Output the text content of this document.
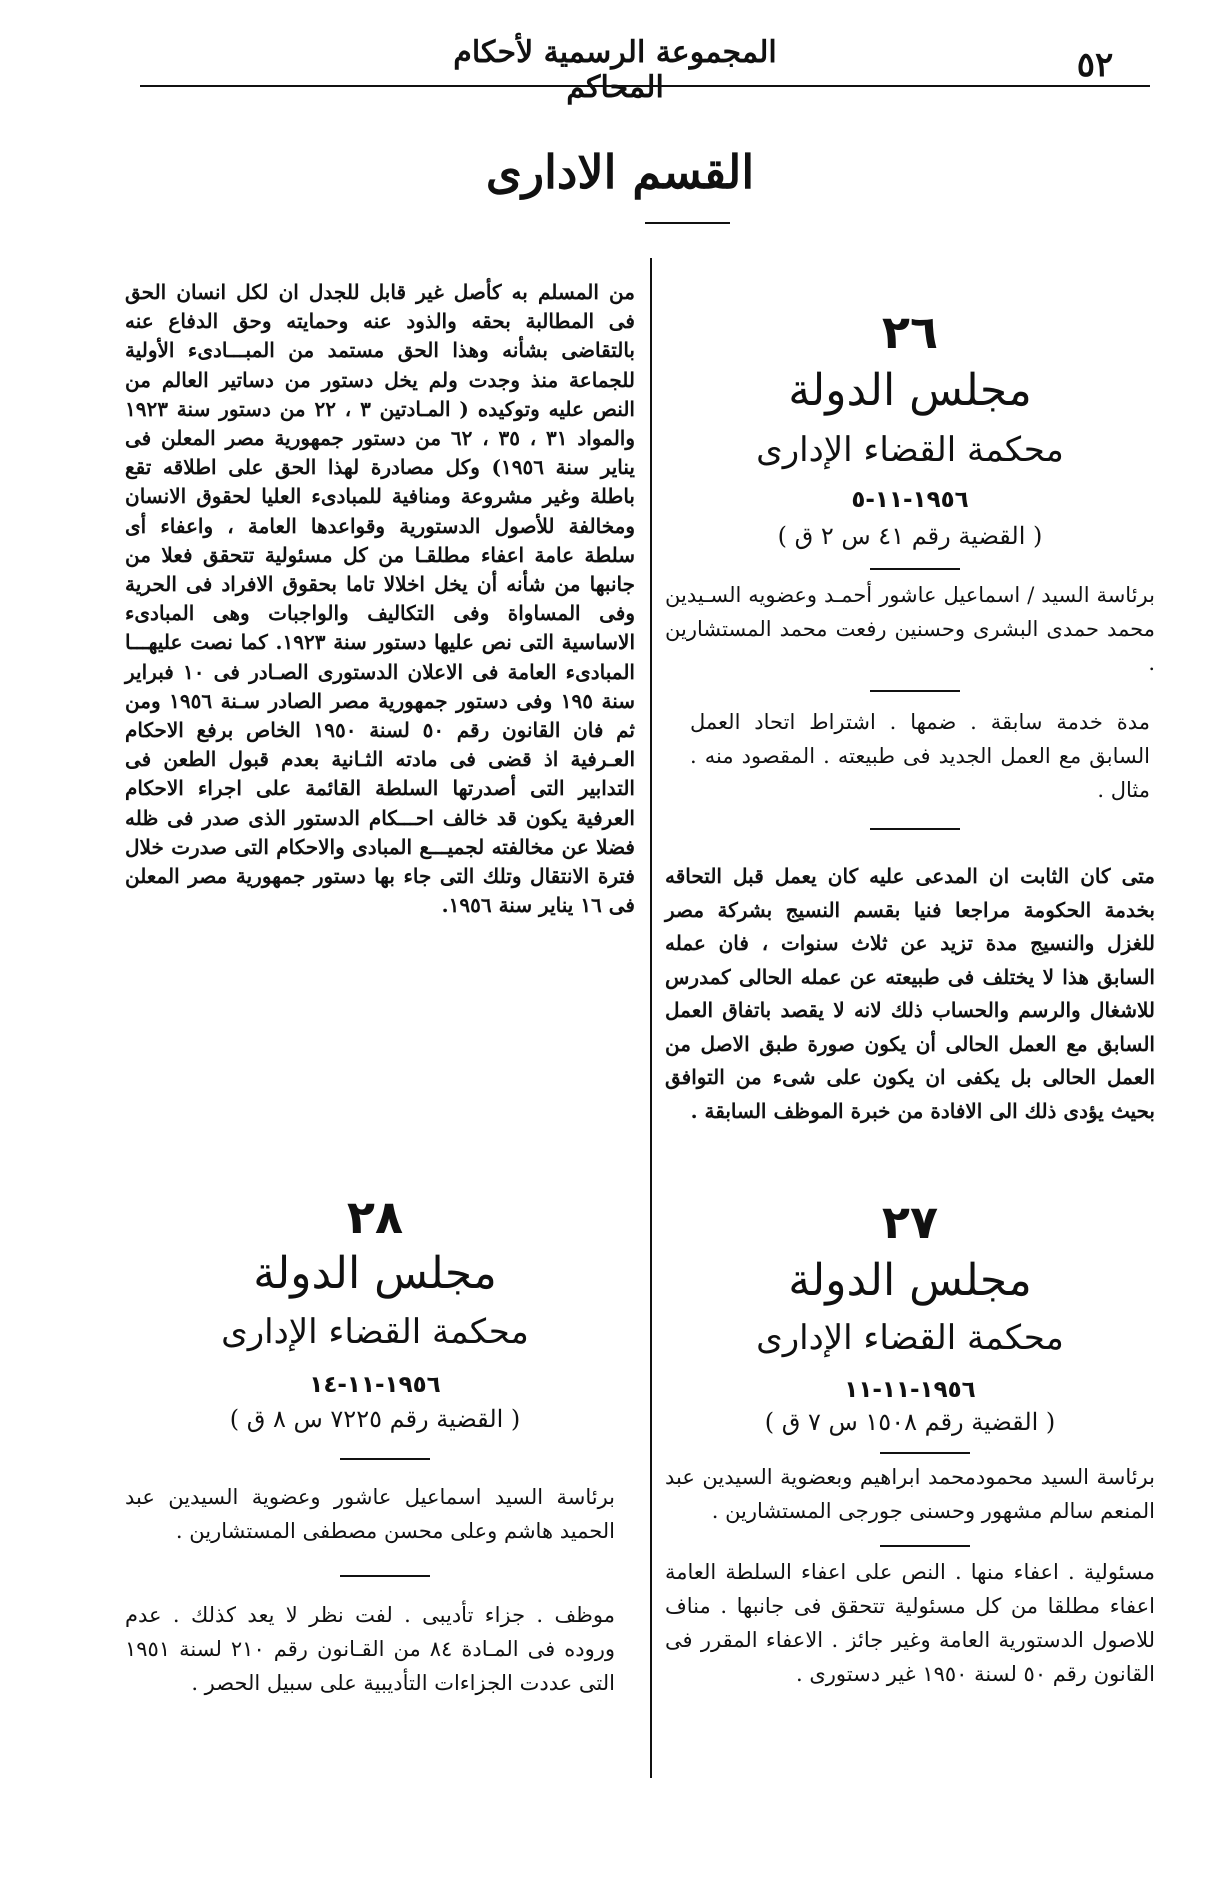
المجموعة الرسمية لأحكام المحاكم
٥٢
القسم الادارى
من المسلم به كأصل غير قابل للجدل ان لكل انسان الحق فى المطالبة بحقه والذود عنه وحمايته وحق الدفاع عنه بالتقاضى بشأنه وهذا الحق مستمد من المبـــادىء الأولية للجماعة منذ وجدت ولم يخل دستور من دساتير العالم من النص عليه وتوكيده ( المـادتين ٣ ، ٢٢ من دستور سنة ١٩٢٣ والمواد ٣١ ، ٣٥ ، ٦٢ من دستور جمهورية مصر المعلن فى يناير سنة ١٩٥٦) وكل مصادرة لهذا الحق على اطلاقه تقع باطلة وغير مشروعة ومنافية للمبادىء العليا لحقوق الانسان ومخالفة للأصول الدستورية وقواعدها العامة ، واعفاء أى سلطة عامة اعفاء مطلقـا من كل مسئولية تتحقق فعلا من جانبها من شأنه أن يخل اخلالا تاما بحقوق الافراد فى الحرية وفى المساواة وفى التكاليف والواجبات وهى المبادىء الاساسية التى نص عليها دستور سنة ١٩٢٣. كما نصت عليهـــا المبادىء العامة فى الاعلان الدستورى الصـادر فى ١٠ فبراير سنة ١٩٥ وفى دستور جمهورية مصر الصادر سـنة ١٩٥٦ ومن ثم فان القانون رقم ٥٠ لسنة ١٩٥٠ الخاص برفع الاحكام العـرفية اذ قضى فى مادته الثـانية بعدم قبول الطعن فى التدابير التى أصدرتها السلطة القائمة على اجراء الاحكام العرفية يكون قد خالف احـــكام الدستور الذى صدر فى ظله فضلا عن مخالفته لجميـــع المبادى والاحكام التى صدرت خلال فترة الانتقال وتلك التى جاء بها دستور جمهورية مصر المعلن فى ١٦ يناير سنة ١٩٥٦.
٢٦
مجلس الدولة
محكمة القضاء الإدارى
١٩٥٦-١١-٥
( القضية رقم ٤١ س ٢ ق )
برئاسة السيد / اسماعيل عاشور أحمـد وعضويه السـيدين محمد حمدى البشرى وحسنين رفعت محمد المستشارين .
مدة خدمة سابقة . ضمها . اشتراط اتحاد العمل السابق مع العمل الجديد فى طبيعته . المقصود منه . مثال .
متى كان الثابت ان المدعى عليه كان يعمل قبل التحاقه بخدمة الحكومة مراجعا فنيا بقسم النسيج بشركة مصر للغزل والنسيج مدة تزيد عن ثلاث سنوات ، فان عمله السابق هذا لا يختلف فى طبيعته عن عمله الحالى كمدرس للاشغال والرسم والحساب ذلك لانه لا يقصد باتفاق العمل السابق مع العمل الحالى أن يكون صورة طبق الاصل من العمل الحالى بل يكفى ان يكون على شىء من التوافق بحيث يؤدى ذلك الى الافادة من خبرة الموظف السابقة .
٢٧
مجلس الدولة
محكمة القضاء الإدارى
١٩٥٦-١١-١١
( القضية رقم ١٥٠٨ س ٧ ق )
برئاسة السيد محمودمحمد ابراهيم وبعضوية السيدين عبد المنعم سالم مشهور وحسنى جورجى المستشارين .
مسئولية . اعفاء منها . النص على اعفاء السلطة العامة اعفاء مطلقا من كل مسئولية تتحقق فى جانبها . مناف للاصول الدستورية العامة وغير جائز . الاعفاء المقرر فى القانون رقم ٥٠ لسنة ١٩٥٠ غير دستورى .
٢٨
مجلس الدولة
محكمة القضاء الإدارى
١٩٥٦-١١-١٤
( القضية رقم ٧٢٢٥ س ٨ ق )
برئاسة السيد اسماعيل عاشور وعضوية السيدين عبد الحميد هاشم وعلى محسن مصطفى المستشارين .
موظف . جزاء تأديبى . لفت نظر لا يعد كذلك . عدم وروده فى المـادة ٨٤ من القـانون رقم ٢١٠ لسنة ١٩٥١ التى عددت الجزاءات التأديبية على سبيل الحصر .
